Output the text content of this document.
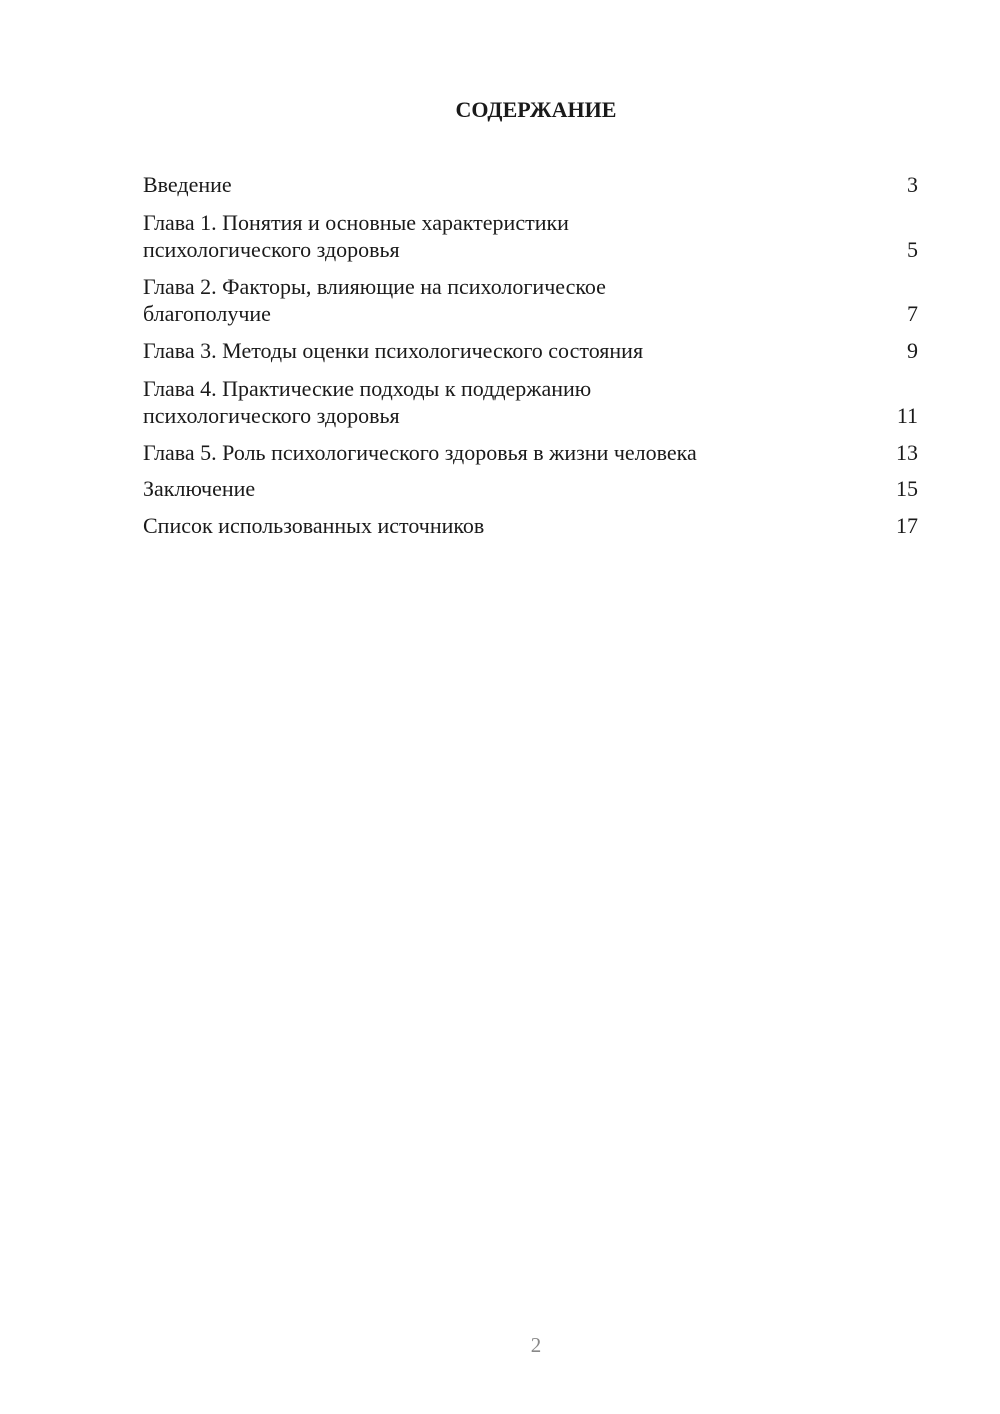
СОДЕРЖАНИЕ
Введение	3
Глава 1. Понятия и основные характеристики психологического здоровья	5
Глава 2. Факторы, влияющие на психологическое благополучие	7
Глава 3. Методы оценки психологического состояния	9
Глава 4. Практические подходы к поддержанию психологического здоровья	11
Глава 5. Роль психологического здоровья в жизни человека	13
Заключение	15
Список использованных источников	17
2
